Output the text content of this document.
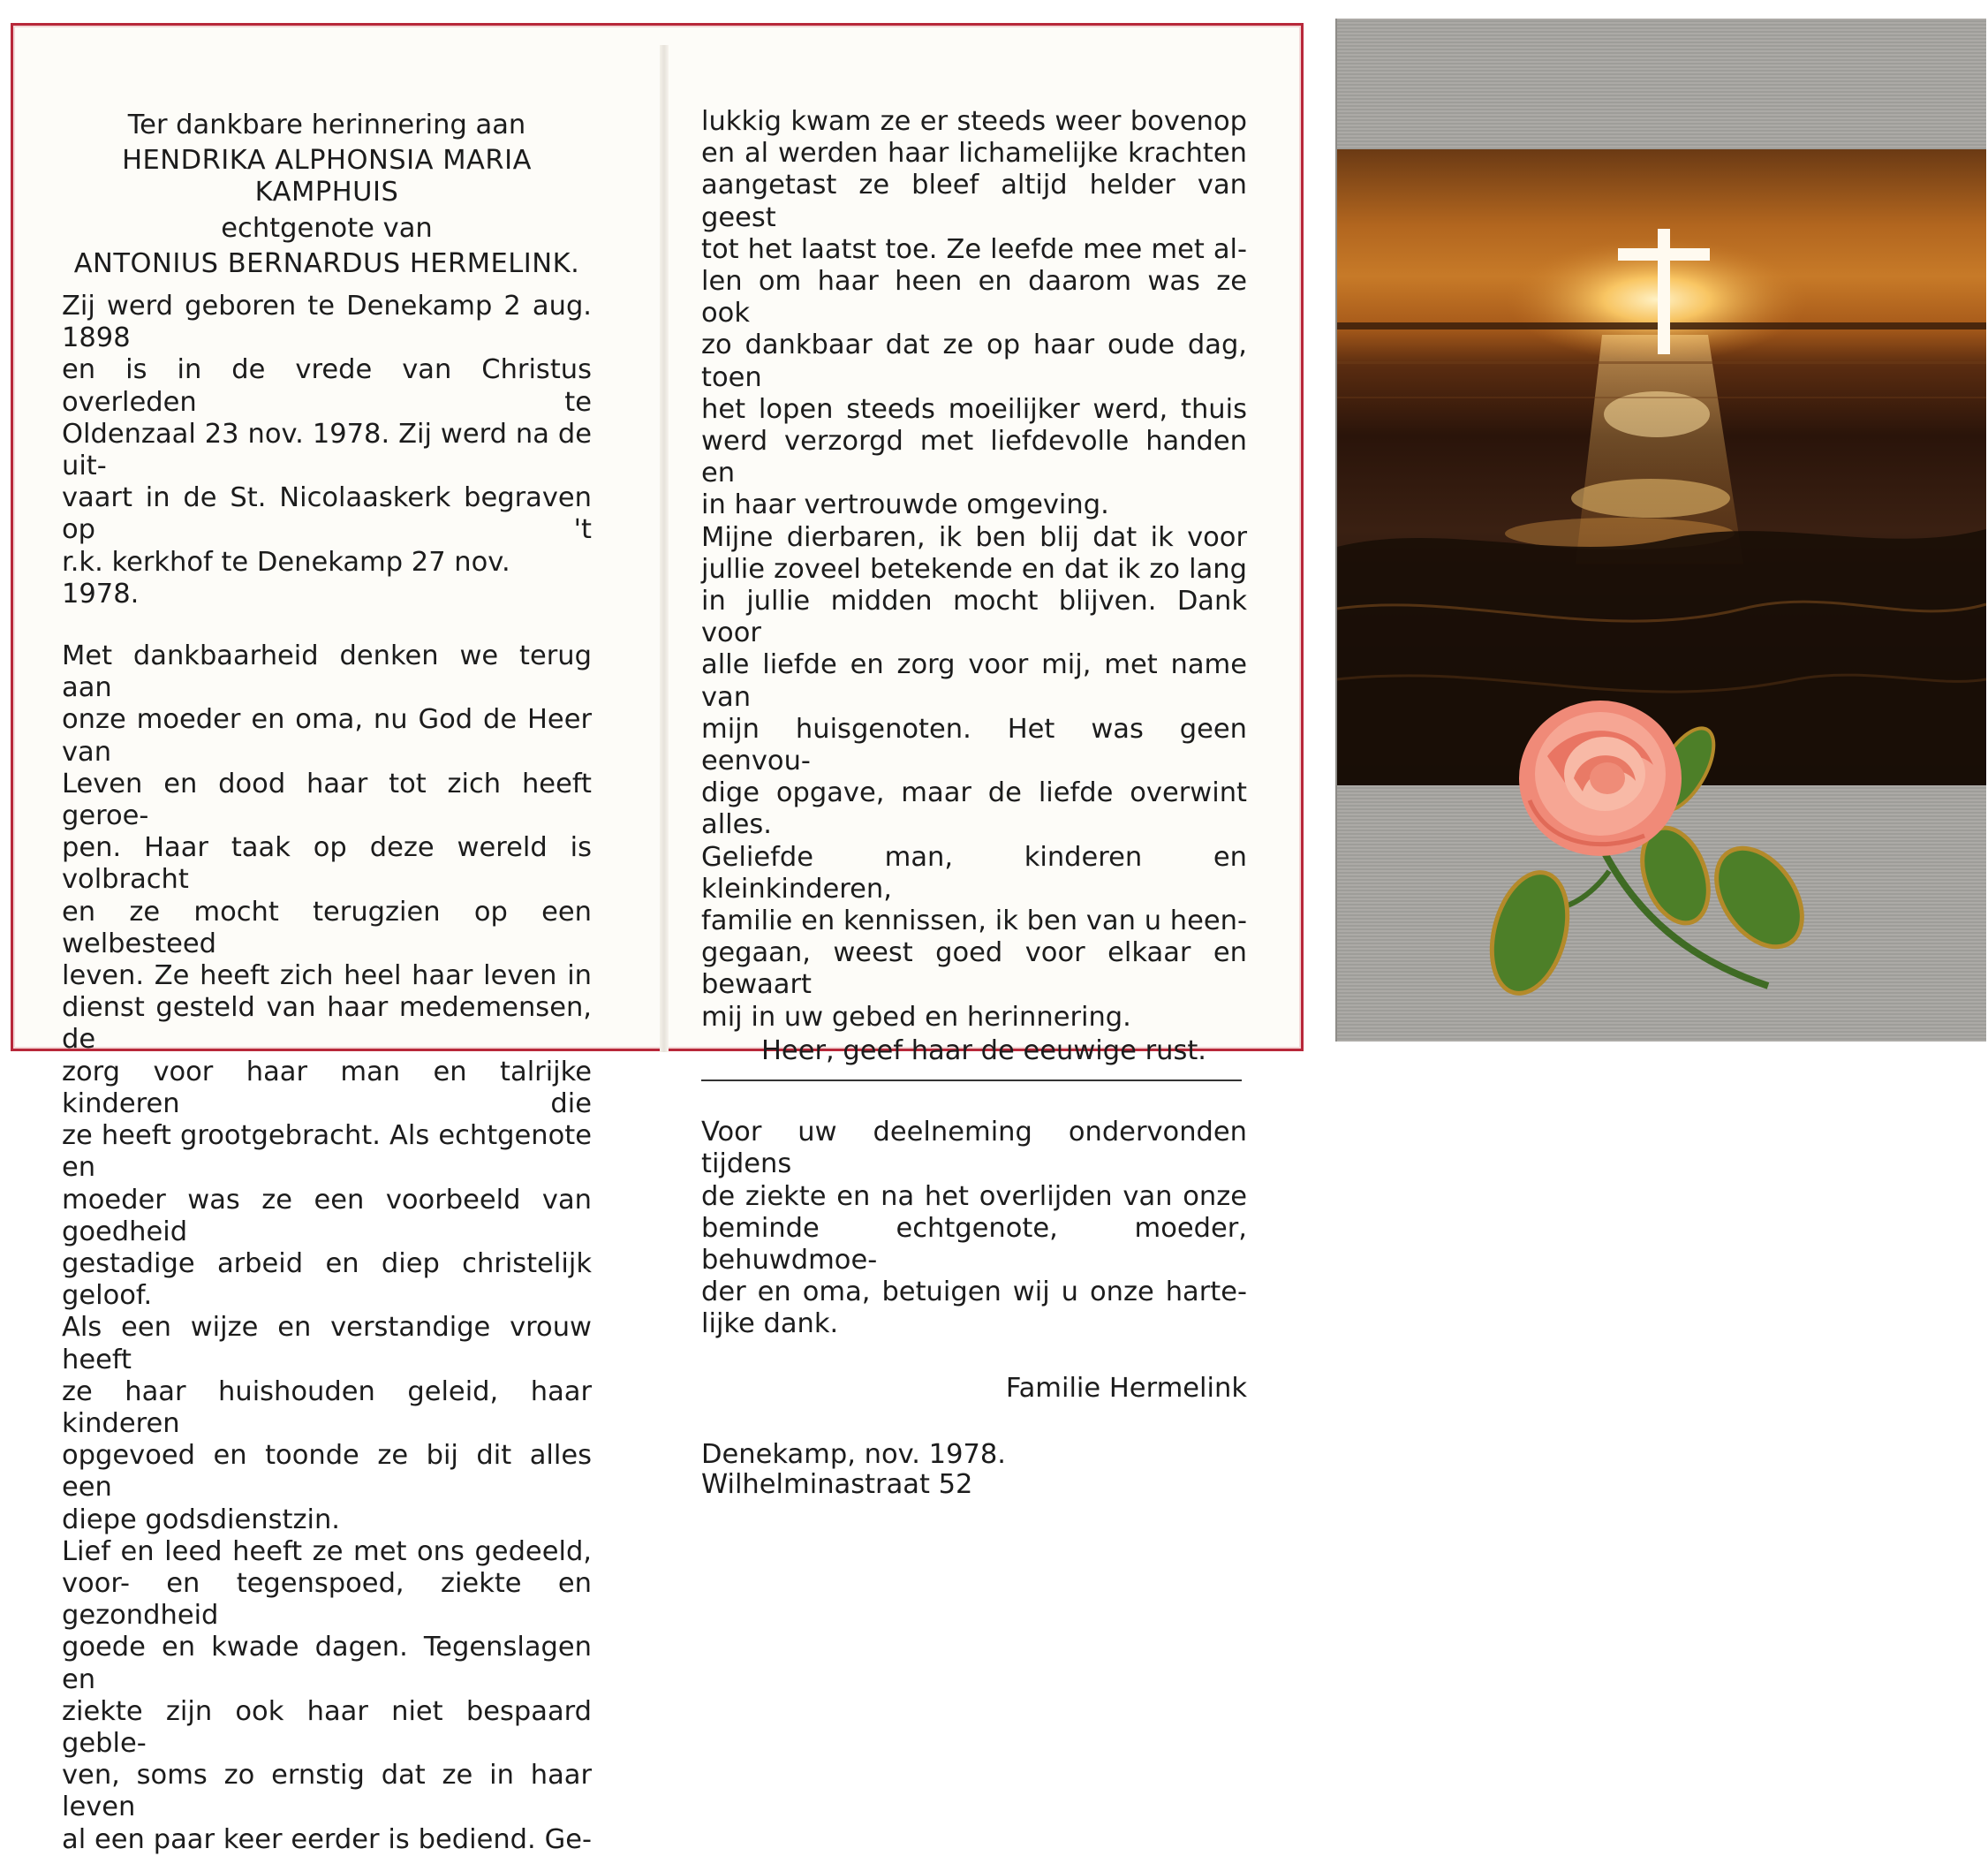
Ter dankbare herinnering aan

HENDRIKA ALPHONSIA MARIA KAMPHUIS

echtgenote van

ANTONIUS BERNARDUS HERMELINK.

Zij werd geboren te Denekamp 2 aug. 1898

en is in de vrede van Christus overleden te

Oldenzaal 23 nov. 1978. Zij werd na de uit-

vaart in de St. Nicolaaskerk begraven op 't

r.k. kerkhof te Denekamp 27 nov. 1978.

Met dankbaarheid denken we terug aan

onze moeder en oma, nu God de Heer van

Leven en dood haar tot zich heeft geroe-

pen. Haar taak op deze wereld is volbracht

en ze mocht terugzien op een welbesteed

leven. Ze heeft zich heel haar leven in

dienst gesteld van haar medemensen, de

zorg voor haar man en talrijke kinderen die

ze heeft grootgebracht. Als echtgenote en

moeder was ze een voorbeeld van goedheid

gestadige arbeid en diep christelijk geloof.

Als een wijze en verstandige vrouw heeft

ze haar huishouden geleid, haar kinderen

opgevoed en toonde ze bij dit alles een

diepe godsdienstzin.

Lief en leed heeft ze met ons gedeeld,

voor- en tegenspoed, ziekte en gezondheid

goede en kwade dagen. Tegenslagen en

ziekte zijn ook haar niet bespaard geble-

ven, soms zo ernstig dat ze in haar leven

al een paar keer eerder is bediend. Ge-

lukkig kwam ze er steeds weer bovenop

en al werden haar lichamelijke krachten

aangetast ze bleef altijd helder van geest

tot het laatst toe. Ze leefde mee met al-

len om haar heen en daarom was ze ook

zo dankbaar dat ze op haar oude dag, toen

het lopen steeds moeilijker werd, thuis

werd verzorgd met liefdevolle handen en

in haar vertrouwde omgeving.

Mijne dierbaren, ik ben blij dat ik voor

jullie zoveel betekende en dat ik zo lang

in jullie midden mocht blijven. Dank voor

alle liefde en zorg voor mij, met name van

mijn huisgenoten. Het was geen eenvou-

dige opgave, maar de liefde overwint alles.

Geliefde man, kinderen en kleinkinderen,

familie en kennissen, ik ben van u heen-

gegaan, weest goed voor elkaar en bewaart

mij in uw gebed en herinnering.

Heer, geef haar de eeuwige rust.

Voor uw deelneming ondervonden tijdens

de ziekte en na het overlijden van onze

beminde echtgenote, moeder, behuwdmoe-

der en oma, betuigen wij u onze harte-

lijke dank.

Familie Hermelink

Denekamp, nov. 1978.

Wilhelminastraat 52
